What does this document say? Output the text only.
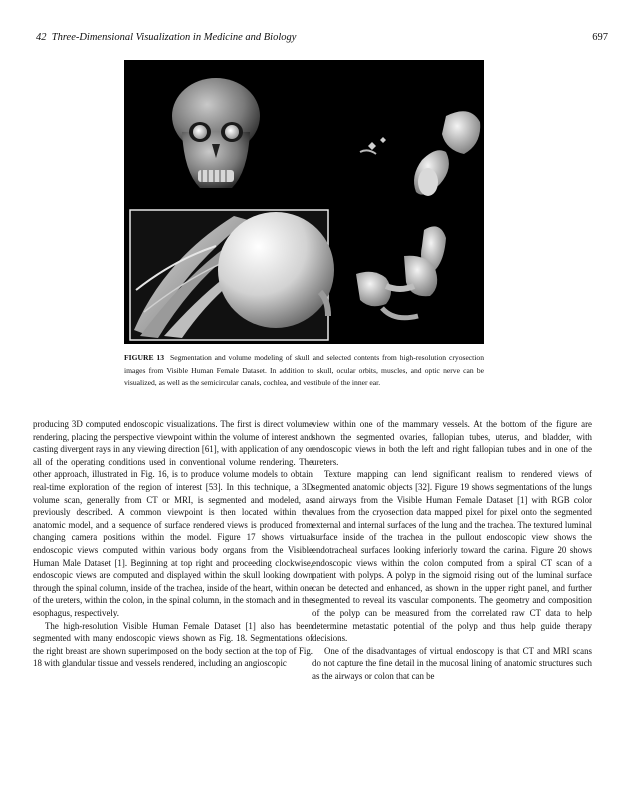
42 Three-Dimensional Visualization in Medicine and Biology	697
FIGURE 13 Segmentation and volume modeling of skull and selected contents from high-resolution cryosection images from Visible Human Female Dataset. In addition to skull, ocular orbits, muscles, and optic nerve can be visualized, as well as the semicircular canals, cochlea, and vestibule of the inner ear.

producing 3D computed endoscopic visualizations. The first is direct volume rendering, placing the perspective viewpoint within the volume of interest and casting divergent rays in any viewing direction [61], with application of any or all of the operating conditions used in conventional volume rendering. The other approach, illustrated in Fig. 16, is to produce volume models to obtain real-time exploration of the region of interest [53]. In this technique, a 3D volume scan, generally from CT or MRI, is segmented and modeled, as previously described. A common viewpoint is then located within the anatomic model, and a sequence of surface rendered views is produced from changing camera positions within the model. Figure 17 shows virtual endoscopic views computed within various body organs from the Visible Human Male Dataset [1]. Beginning at top right and proceeding clockwise, endoscopic views are computed and displayed within the skull looking down through the spinal column, inside of the trachea, inside of the heart, within one of the ureters, within the colon, in the spinal column, in the stomach and in the esophagus, respectively.

The high-resolution Visible Human Female Dataset [1] also has been segmented with many endoscopic views shown as Fig. 18. Segmentations of the right breast are shown superimposed on the body section at the top of Fig. 18 with glandular tissue and vessels rendered, including an angioscopic

view within one of the mammary vessels. At the bottom of the figure are shown the segmented ovaries, fallopian tubes, uterus, and bladder, with endoscopic views in both the left and right fallopian tubes and in one of the ureters.

Texture mapping can lend significant realism to rendered views of segmented anatomic objects [32]. Figure 19 shows segmentations of the lungs and airways from the Visible Human Female Dataset [1] with RGB color values from the cryosection data mapped pixel for pixel onto the segmented external and internal surfaces of the lung and the trachea. The textured luminal surface inside of the trachea in the pullout endoscopic view shows the endotracheal surfaces looking inferiorly toward the carina. Figure 20 shows endoscopic views within the colon computed from a spiral CT scan of a patient with polyps. A polyp in the sigmoid rising out of the luminal surface can be detected and enhanced, as shown in the upper right panel, and further segmented to reveal its vascular components. The geometry and composition of the polyp can be measured from the correlated raw CT data to help determine metastatic potential of the polyp and thus help guide therapy decisions.

One of the disadvantages of virtual endoscopy is that CT and MRI scans do not capture the fine detail in the mucosal lining of anatomic structures such as the airways or colon that can be
